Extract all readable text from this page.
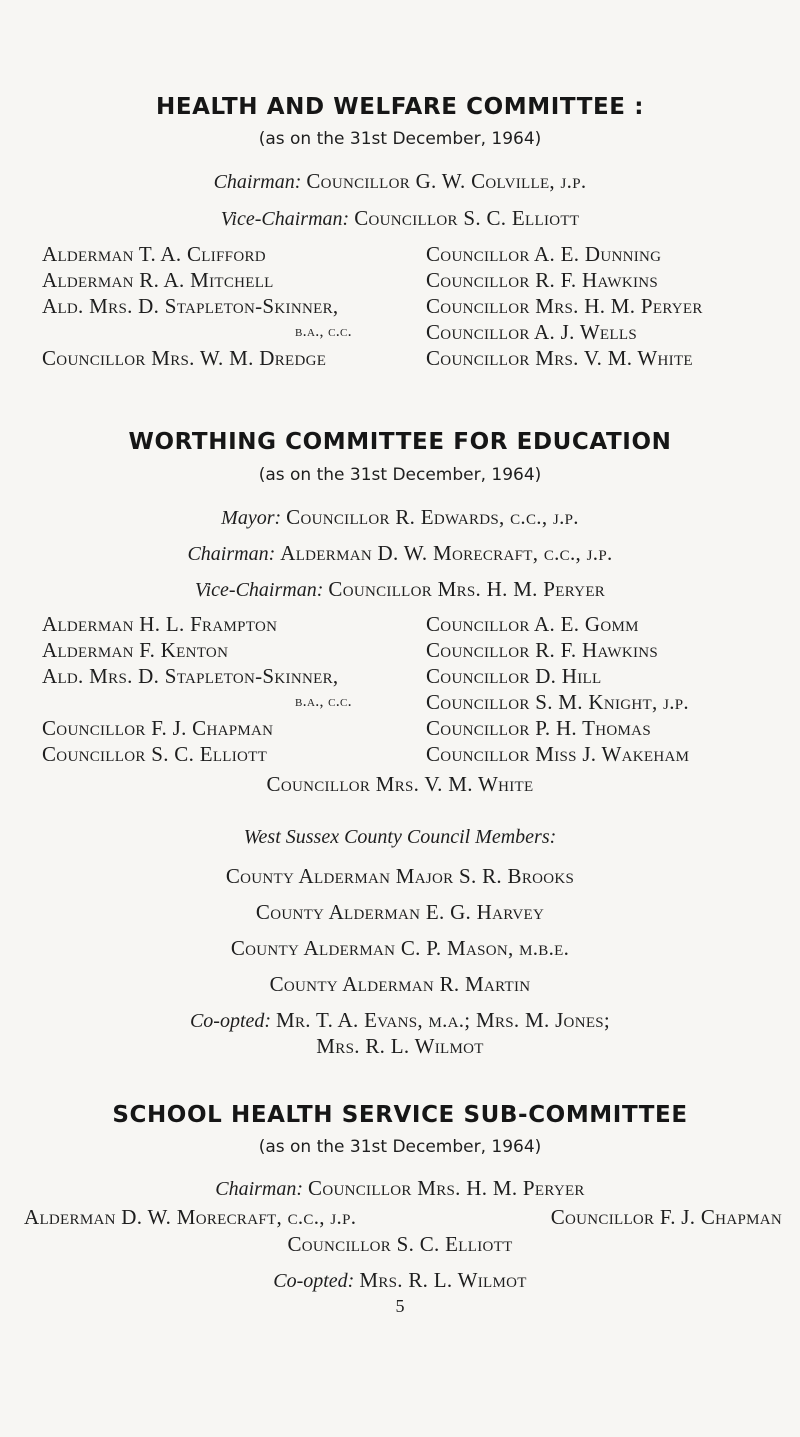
HEALTH AND WELFARE COMMITTEE :
(as on the 31st December, 1964)
Chairman: Councillor G. W. Colville, j.p.
Vice-Chairman: Councillor S. C. Elliott
Alderman T. A. Clifford
Alderman R. A. Mitchell
Ald. Mrs. D. Stapleton-Skinner,
b.a., c.c.
Councillor Mrs. W. M. Dredge
Councillor A. E. Dunning
Councillor R. F. Hawkins
Councillor Mrs. H. M. Peryer
Councillor A. J. Wells
Councillor Mrs. V. M. White
WORTHING COMMITTEE FOR EDUCATION
(as on the 31st December, 1964)
Mayor: Councillor R. Edwards, c.c., j.p.
Chairman: Alderman D. W. Morecraft, c.c., j.p.
Vice-Chairman: Councillor Mrs. H. M. Peryer
Alderman H. L. Frampton
Alderman F. Kenton
Ald. Mrs. D. Stapleton-Skinner,
b.a., c.c.
Councillor F. J. Chapman
Councillor S. C. Elliott
Councillor A. E. Gomm
Councillor R. F. Hawkins
Councillor D. Hill
Councillor S. M. Knight, j.p.
Councillor P. H. Thomas
Councillor Miss J. Wakeham
Councillor Mrs. V. M. White
West Sussex County Council Members:
County Alderman Major S. R. Brooks
County Alderman E. G. Harvey
County Alderman C. P. Mason, m.b.e.
County Alderman R. Martin
Co-opted: Mr. T. A. Evans, m.a.; Mrs. M. Jones;
Mrs. R. L. Wilmot
SCHOOL HEALTH SERVICE SUB-COMMITTEE
(as on the 31st December, 1964)
Chairman: Councillor Mrs. H. M. Peryer
Alderman D. W. Morecraft, c.c., j.p.	Councillor F. J. Chapman
Councillor S. C. Elliott
Co-opted: Mrs. R. L. Wilmot
5
